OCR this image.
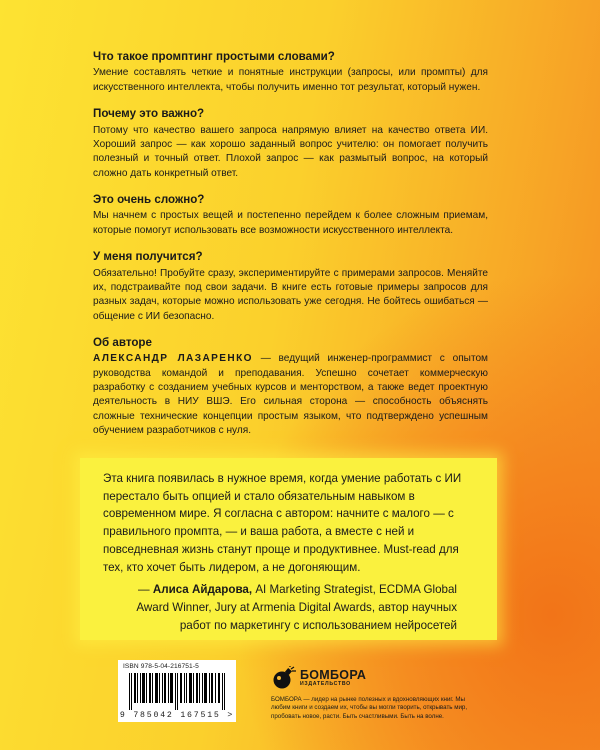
Что такое промптинг простыми словами?

Умение составлять четкие и понятные инструкции (запросы, или промпты) для искусственного интеллекта, чтобы получить именно тот результат, который нужен.

Почему это важно?

Потому что качество вашего запроса напрямую влияет на качество ответа ИИ. Хороший запрос — как хорошо заданный вопрос учителю: он помогает получить полезный и точный ответ. Плохой запрос — как размытый вопрос, на который сложно дать конкретный ответ.

Это очень сложно?

Мы начнем с простых вещей и постепенно перейдем к более сложным приемам, которые помогут использовать все возможности искусственного интеллекта.

У меня получится?

Обязательно! Пробуйте сразу, экспериментируйте с примерами запросов. Меняйте их, подстраивайте под свои задачи. В книге есть готовые примеры запросов для разных задач, которые можно использовать уже сегодня. Не бойтесь ошибаться — общение с ИИ безопасно.

Об авторе

АЛЕКСАНДР ЛАЗАРЕНКО — ведущий инженер-программист с опытом руководства командой и преподавания. Успешно сочетает коммерческую разработку с созданием учебных курсов и менторством, а также ведет проектную деятельность в НИУ ВШЭ. Его сильная сторона — способность объяснять сложные технические концепции простым языком, что подтверждено успешным обучением разработчиков с нуля.

Эта книга появилась в нужное время, когда умение работать с ИИ перестало быть опцией и стало обязательным навыком в современном мире. Я согласна с автором: начните с малого — с правильного промпта, — и ваша работа, а вместе с ней и повседневная жизнь станут проще и продуктивнее. Must-read для тех, кто хочет быть лидером, а не догоняющим.

— Алиса Айдарова, AI Marketing Strategist, ECDMA Global Award Winner, Jury at Armenia Digital Awards, автор научных работ по маркетингу с использованием нейросетей

ISBN 978-5-04-216751-5
9 785042 167515 >
БОМБОРА
ИЗДАТЕЛЬСТВО
БОМБОРА — лидер на рынке полезных и вдохновляющих книг. Мы любим книги и создаем их, чтобы вы могли творить, открывать мир, пробовать новое, расти. Быть счастливыми. Быть на волне.
